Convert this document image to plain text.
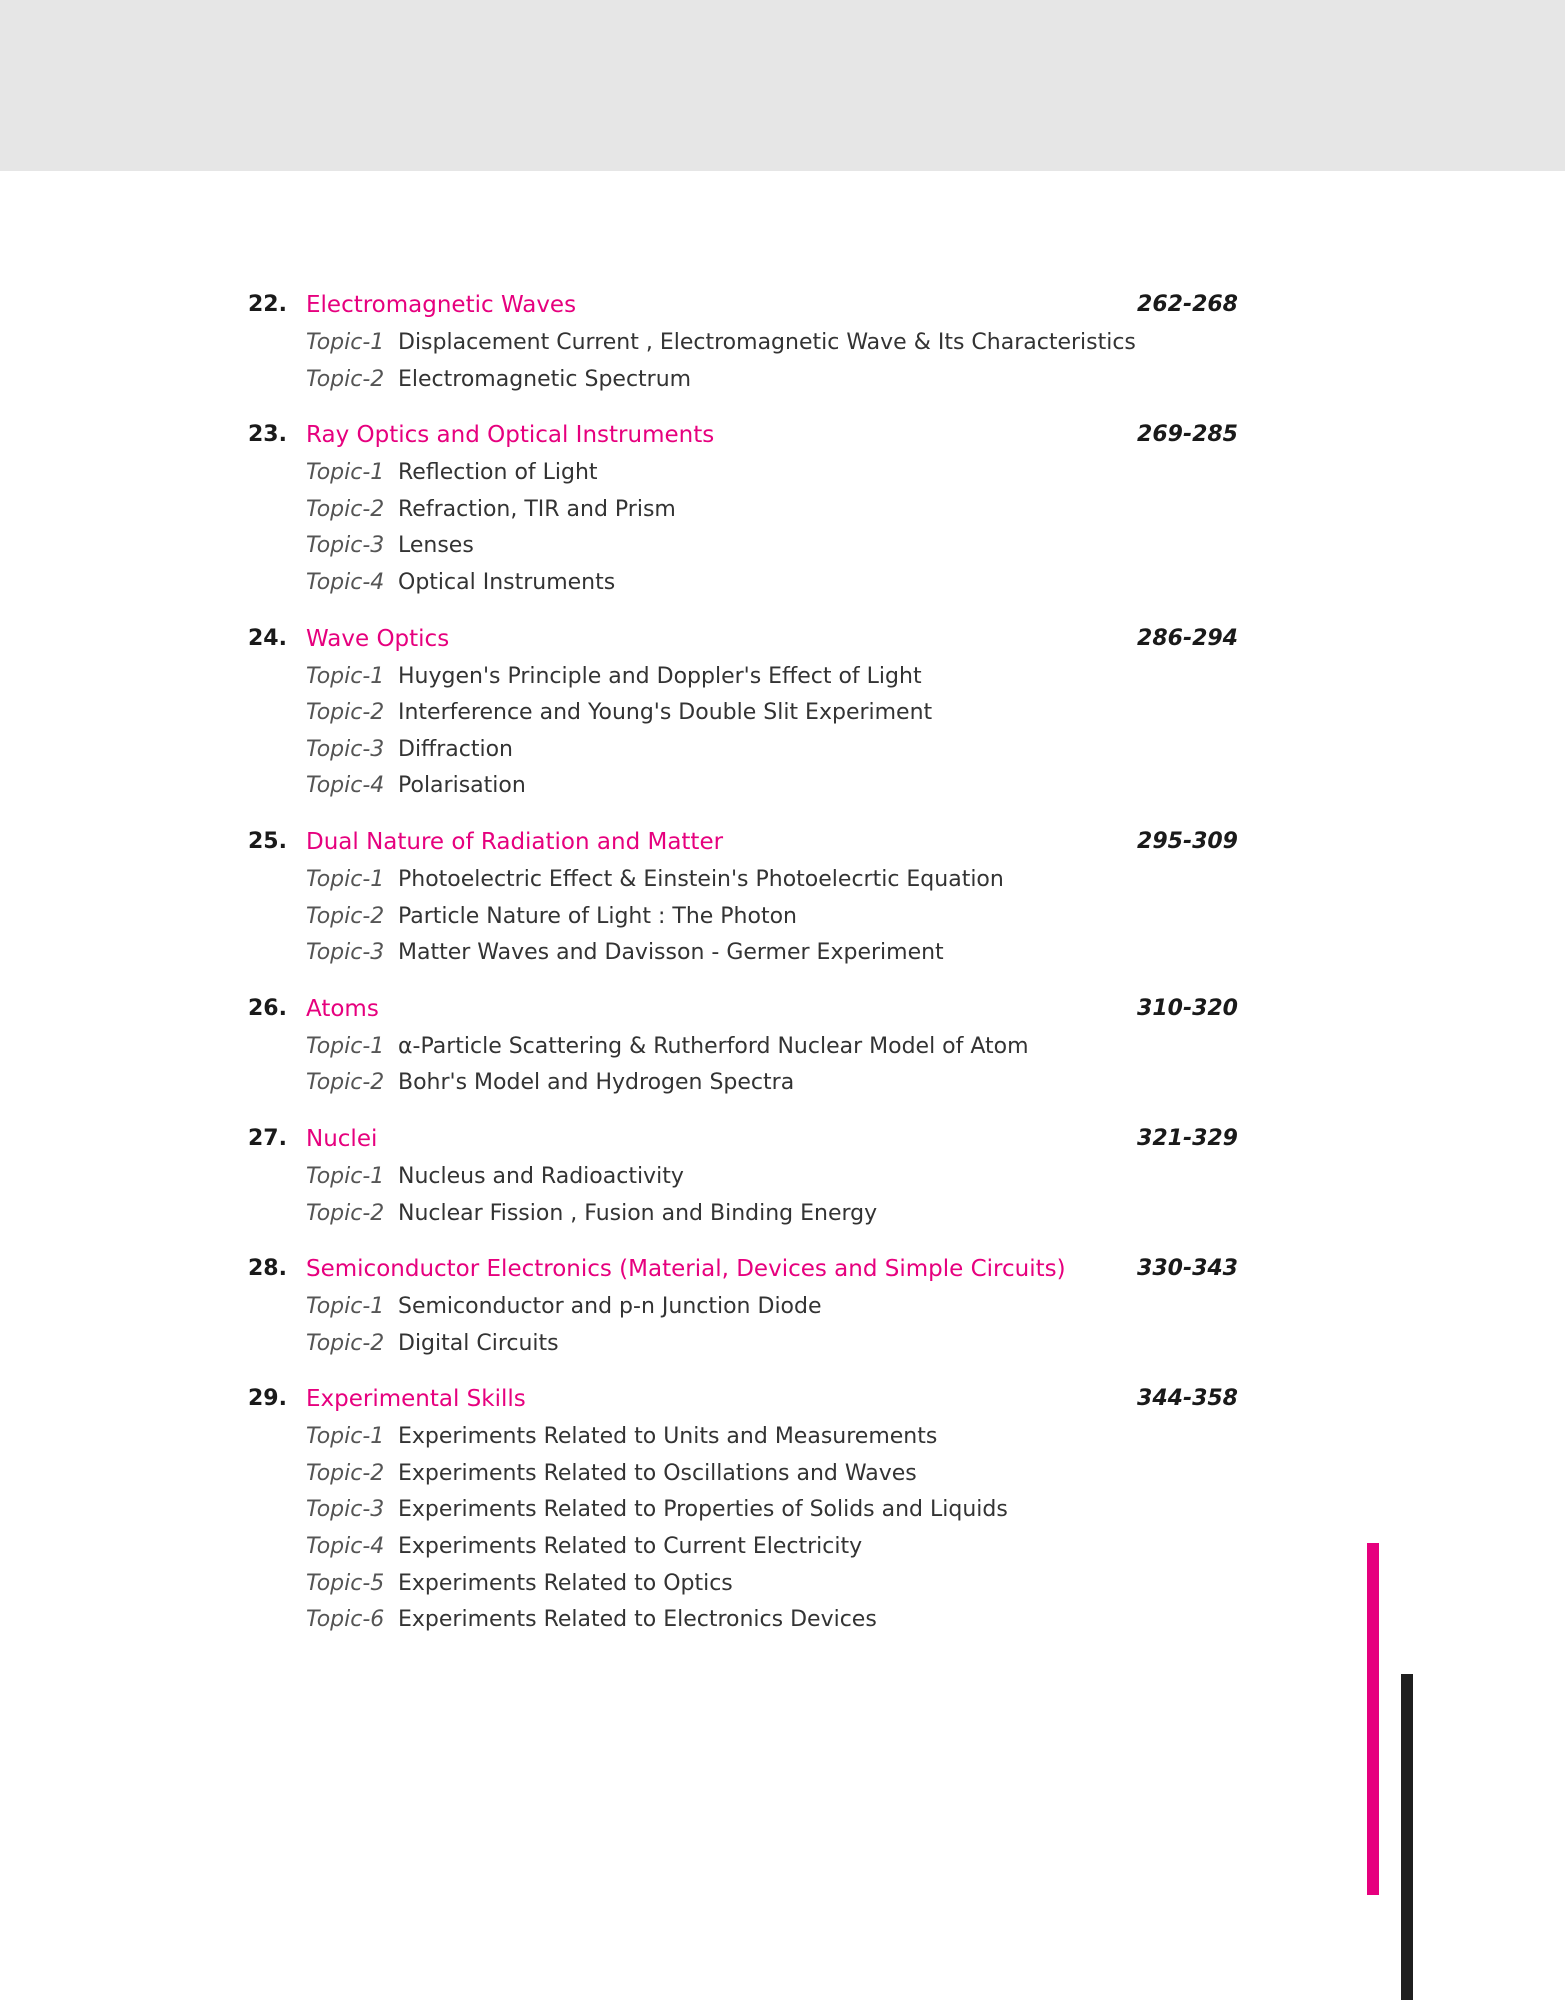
22. Electromagnetic Waves	262-268
Topic-1 Displacement Current , Electromagnetic Wave & Its Characteristics
Topic-2 Electromagnetic Spectrum
23. Ray Optics and Optical Instruments	269-285
Topic-1 Reflection of Light
Topic-2 Refraction, TIR and Prism
Topic-3 Lenses
Topic-4 Optical Instruments
24. Wave Optics	286-294
Topic-1 Huygen's Principle and Doppler's Effect of Light
Topic-2 Interference and Young's Double Slit Experiment
Topic-3 Diffraction
Topic-4 Polarisation
25. Dual Nature of Radiation and Matter	295-309
Topic-1 Photoelectric Effect & Einstein's Photoelecrtic Equation
Topic-2 Particle Nature of Light : The Photon
Topic-3 Matter Waves and Davisson - Germer Experiment
26. Atoms	310-320
Topic-1 α-Particle Scattering & Rutherford Nuclear Model of Atom
Topic-2 Bohr's Model and Hydrogen Spectra
27. Nuclei	321-329
Topic-1 Nucleus and Radioactivity
Topic-2 Nuclear Fission , Fusion and Binding Energy
28. Semiconductor Electronics (Material, Devices and Simple Circuits)	330-343
Topic-1 Semiconductor and p-n Junction Diode
Topic-2 Digital Circuits
29. Experimental Skills	344-358
Topic-1 Experiments Related to Units and Measurements
Topic-2 Experiments Related to Oscillations and Waves
Topic-3 Experiments Related to Properties of Solids and Liquids
Topic-4 Experiments Related to Current Electricity
Topic-5 Experiments Related to Optics
Topic-6 Experiments Related to Electronics Devices
